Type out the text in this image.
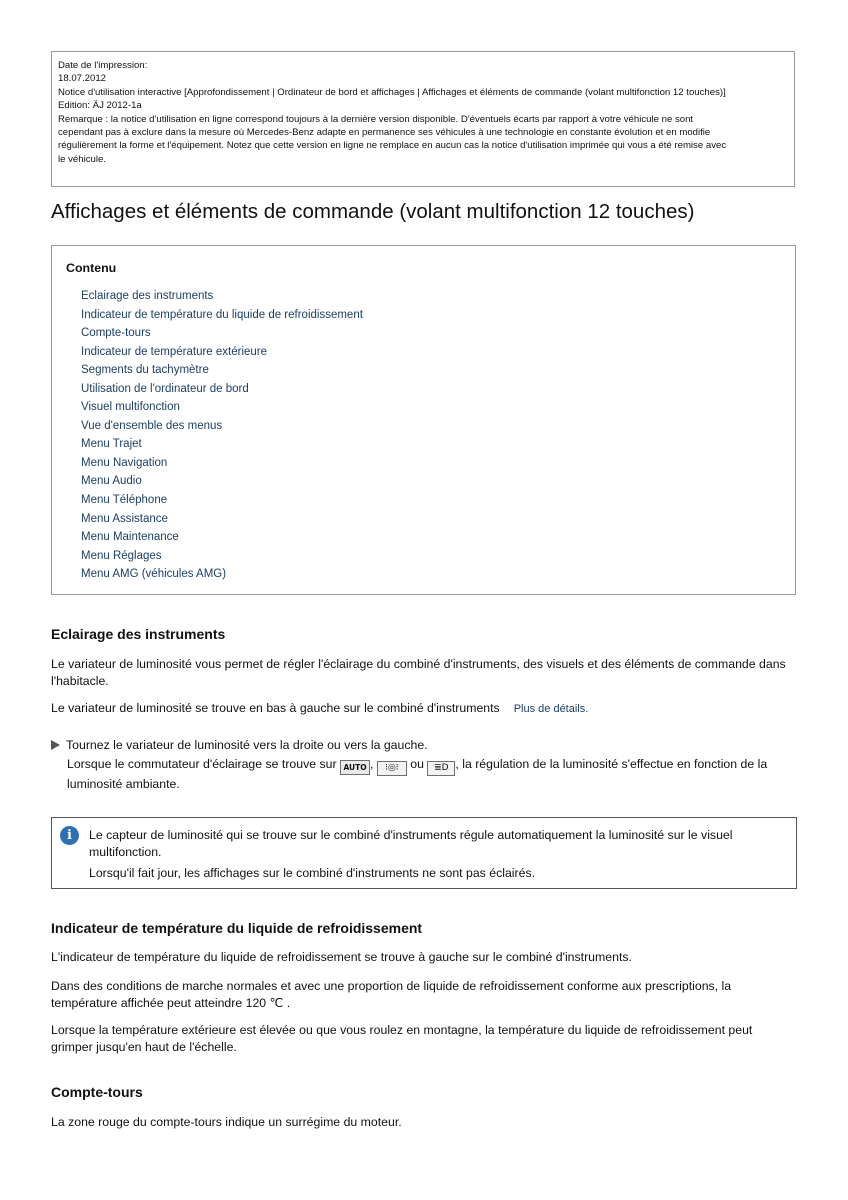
Date de l'impression:
18.07.2012
Notice d'utilisation interactive [Approfondissement | Ordinateur de bord et affichages | Affichages et éléments de commande (volant multifonction 12 touches)]
Edition: ÄJ 2012-1a
Remarque : la notice d'utilisation en ligne correspond toujours à la dernière version disponible. D'éventuels écarts par rapport à votre véhicule ne sont
cependant pas à exclure dans la mesure où Mercedes-Benz adapte en permanence ses véhicules à une technologie en constante évolution et en modifie
régulièrement la forme et l'équipement. Notez que cette version en ligne ne remplace en aucun cas la notice d'utilisation imprimée qui vous a été remise avec
le véhicule.
Affichages et éléments de commande (volant multifonction 12 touches)
Contenu
Eclairage des instruments
Indicateur de température du liquide de refroidissement
Compte-tours
Indicateur de température extérieure
Segments du tachymètre
Utilisation de l'ordinateur de bord
Visuel multifonction
Vue d'ensemble des menus
Menu Trajet
Menu Navigation
Menu Audio
Menu Téléphone
Menu Assistance
Menu Maintenance
Menu Réglages
Menu AMG (véhicules AMG)
Eclairage des instruments

Le variateur de luminosité vous permet de régler l'éclairage du combiné d'instruments, des visuels et des éléments de commande dans l'habitacle.

Le variateur de luminosité se trouve en bas à gauche sur le combiné d'instruments Plus de détails.

Tournez le variateur de luminosité vers la droite ou vers la gauche.

Lorsque le commutateur d'éclairage se trouve sur AUTO , ⁝◎⁝ ou ≣D , la régulation de la luminosité s'effectue en fonction de la luminosité ambiante.

i	Le capteur de luminosité qui se trouve sur le combiné d'instruments régule automatiquement la luminosité sur le visuel multifonction.

Lorsqu'il fait jour, les affichages sur le combiné d'instruments ne sont pas éclairés.

Indicateur de température du liquide de refroidissement

L'indicateur de température du liquide de refroidissement se trouve à gauche sur le combiné d'instruments.

Dans des conditions de marche normales et avec une proportion de liquide de refroidissement conforme aux prescriptions, la température affichée peut atteindre 120 ℃ .

Lorsque la température extérieure est élevée ou que vous roulez en montagne, la température du liquide de refroidissement peut grimper jusqu'en haut de l'échelle.

Compte-tours

La zone rouge du compte-tours indique un surrégime du moteur.
